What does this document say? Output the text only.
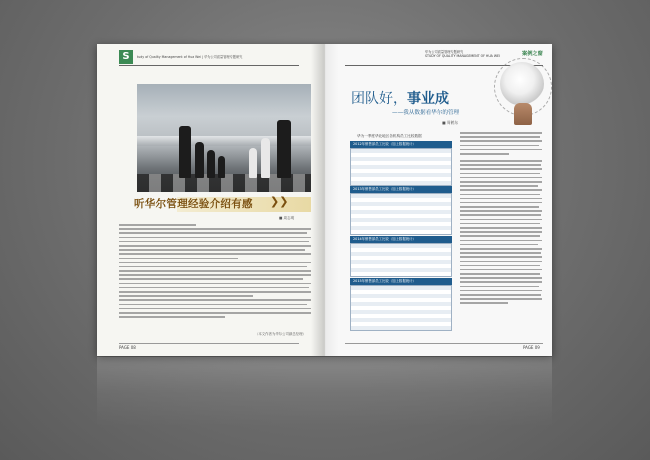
S	tudy of Quality Management of Hua Wei | 华为公司质量管理专题研究
■ 周志明
PAGE 08
听华尔管理经验介绍有感 ❯❯
（本文作者为华尔公司副总经理）
华为公司质量管理专题研究
STUDY OF QUALITY MANAGEMENT OF HUA WEI	案例之窗
团队好，事业成
——我从数据看华尔的管理
■ 周鹤东
华为一季度华北地区各机构员工比较数据
2012年销售部员工比较（加上数据统计）
2013年销售部员工比较（加上数据统计）
2014年销售部员工比较（加上数据统计）
2015年销售部员工比较（加上数据统计）
PAGE 09
